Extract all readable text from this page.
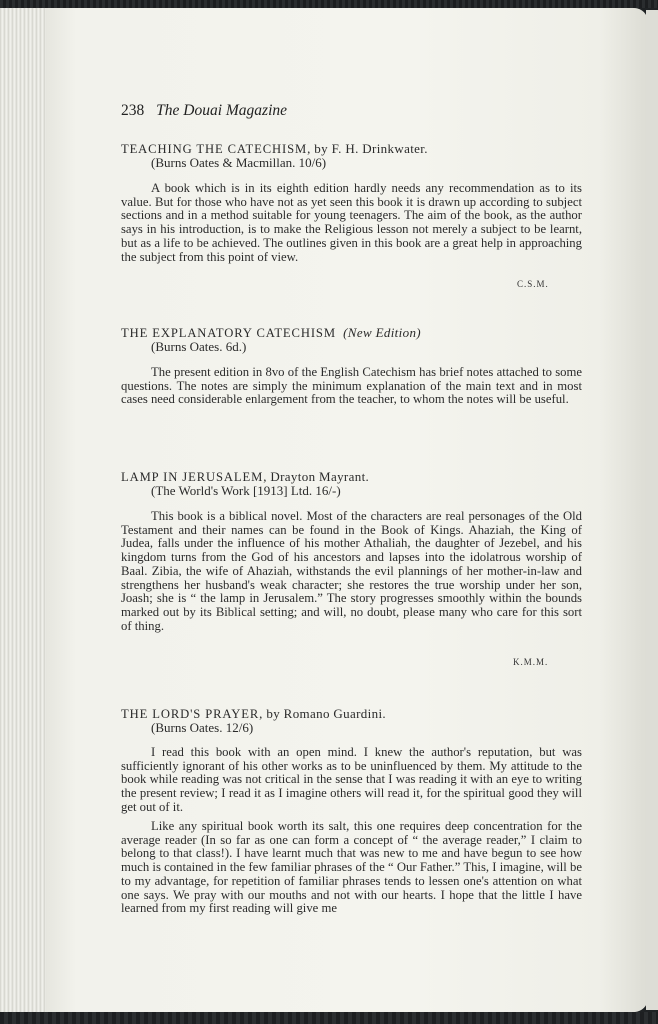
238 The Douai Magazine
TEACHING THE CATECHISM, by F. H. Drinkwater.
(Burns Oates & Macmillan. 10/6)
A book which is in its eighth edition hardly needs any recommendation as to its value. But for those who have not as yet seen this book it is drawn up according to subject sections and in a method suitable for young teenagers. The aim of the book, as the author says in his introduction, is to make the Religious lesson not merely a subject to be learnt, but as a life to be achieved. The outlines given in this book are a great help in approaching the subject from this point of view.
C.S.M.
THE EXPLANATORY CATECHISM (New Edition)
(Burns Oates. 6d.)
The present edition in 8vo of the English Catechism has brief notes attached to some questions. The notes are simply the minimum explanation of the main text and in most cases need considerable enlargement from the teacher, to whom the notes will be useful.
LAMP IN JERUSALEM, Drayton Mayrant.
(The World's Work [1913] Ltd. 16/-)
This book is a biblical novel. Most of the characters are real personages of the Old Testament and their names can be found in the Book of Kings. Ahaziah, the King of Judea, falls under the influence of his mother Athaliah, the daughter of Jezebel, and his kingdom turns from the God of his ancestors and lapses into the idolatrous worship of Baal. Zibia, the wife of Ahaziah, withstands the evil plannings of her mother-in-law and strengthens her husband's weak character; she restores the true worship under her son, Joash; she is “ the lamp in Jerusalem.” The story progresses smoothly within the bounds marked out by its Biblical setting; and will, no doubt, please many who care for this sort of thing.
K.M.M.
THE LORD'S PRAYER, by Romano Guardini.
(Burns Oates. 12/6)
I read this book with an open mind. I knew the author's reputation, but was sufficiently ignorant of his other works as to be uninfluenced by them. My attitude to the book while reading was not critical in the sense that I was reading it with an eye to writing the present review; I read it as I imagine others will read it, for the spiritual good they will get out of it.
Like any spiritual book worth its salt, this one requires deep concentration for the average reader (In so far as one can form a concept of “ the average reader,” I claim to belong to that class!). I have learnt much that was new to me and have begun to see how much is contained in the few familiar phrases of the “ Our Father.” This, I imagine, will be to my advantage, for repetition of familiar phrases tends to lessen one's attention on what one says. We pray with our mouths and not with our hearts. I hope that the little I have learned from my first reading will give me
